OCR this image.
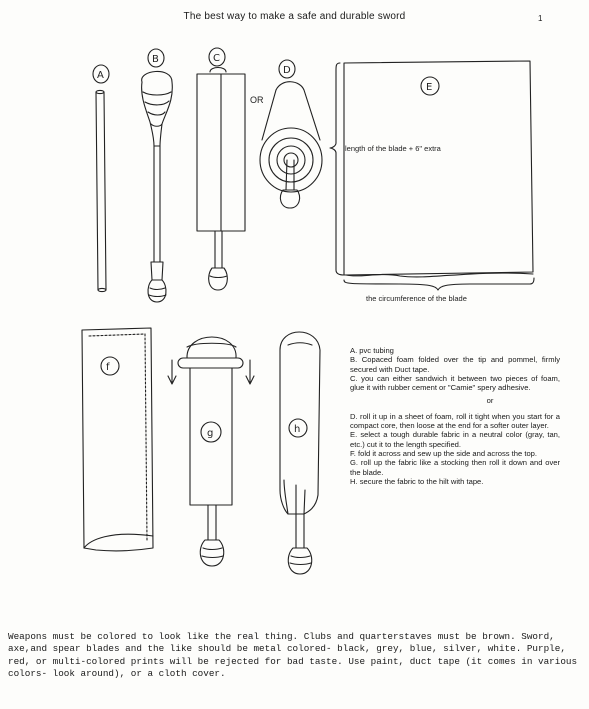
The best way to make a safe and durable sword	1
A
B	C
OR
D
E
length of the blade + 6" extra
the circumference of the blade
f
g	h

A. pvc tubing

B. Copaced foam folded over the tip and pommel, firmly secured with Duct tape.

C. you can either sandwich it between two pieces of foam, glue it with rubber cement or "Camie" spery adhesive.

or

D. roll it up in a sheet of foam, roll it tight when you start for a compact core, then loose at the end for a softer outer layer.

E. select a tough durable fabric in a neutral color (gray, tan, etc.) cut it to the length specified.

F. fold it across and sew up the side and across the top.

G. roll up the fabric like a stocking then roll it down and over the blade.

H. secure the fabric to the hilt with tape.

Weapons must be colored to look like the real thing. Clubs and quarterstaves must be brown. Sword, axe,and spear blades and the like should be metal colored- black, grey, blue, silver, white. Purple, red, or multi-colored prints will be rejected for bad taste. Use paint, duct tape (it comes in various colors- look around), or a cloth cover.
